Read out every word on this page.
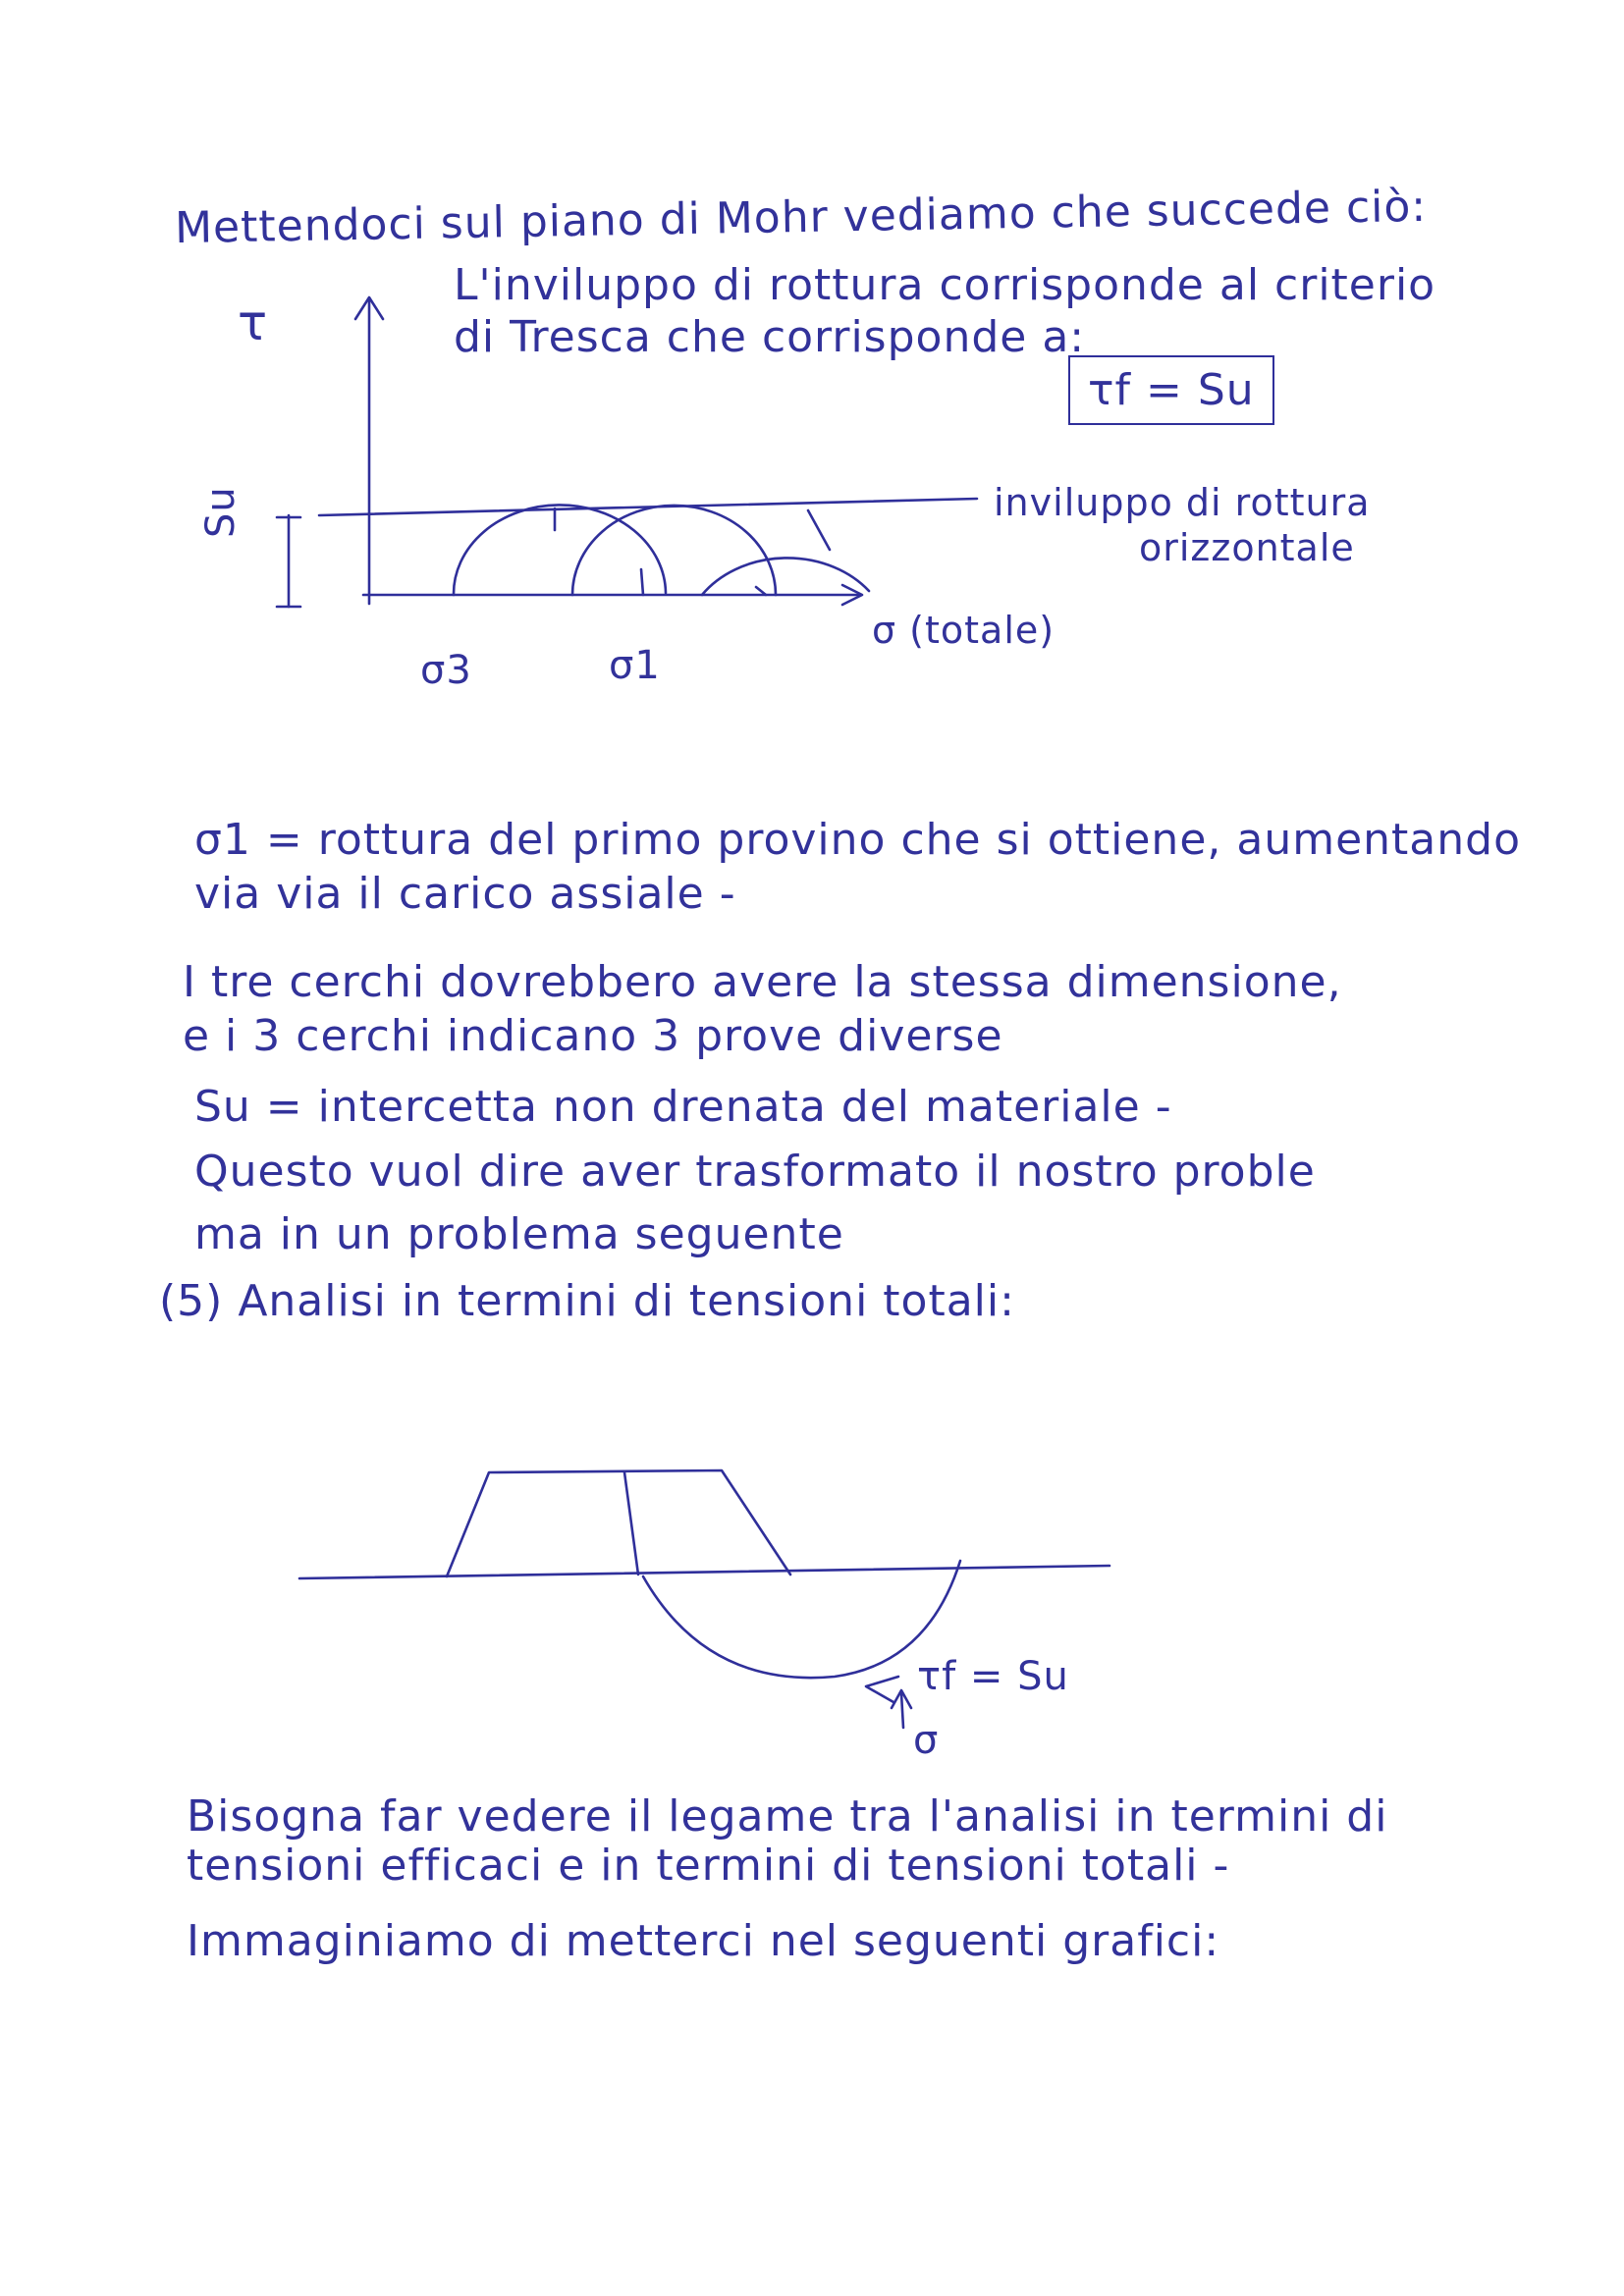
Mettendoci sul piano di Mohr vediamo che succede ciò:
L'inviluppo di rottura corrisponde al criterio
di Tresca che corrisponde a:
τf = Su
τ
inviluppo di rottura
orizzontale
Su
σ (totale)
σ3	σ1
σ1 = rottura del primo provino che si ottiene, aumentando
via via il carico assiale -
I tre cerchi dovrebbero avere la stessa dimensione,
e i 3 cerchi indicano 3 prove diverse
Su = intercetta non drenata del materiale -
Questo vuol dire aver trasformato il nostro proble
ma in un problema seguente
(5) Analisi in termini di tensioni totali:
τf = Su
σ
Bisogna far vedere il legame tra l'analisi in termini di
tensioni efficaci e in termini di tensioni totali -
Immaginiamo di metterci nel seguenti grafici:
